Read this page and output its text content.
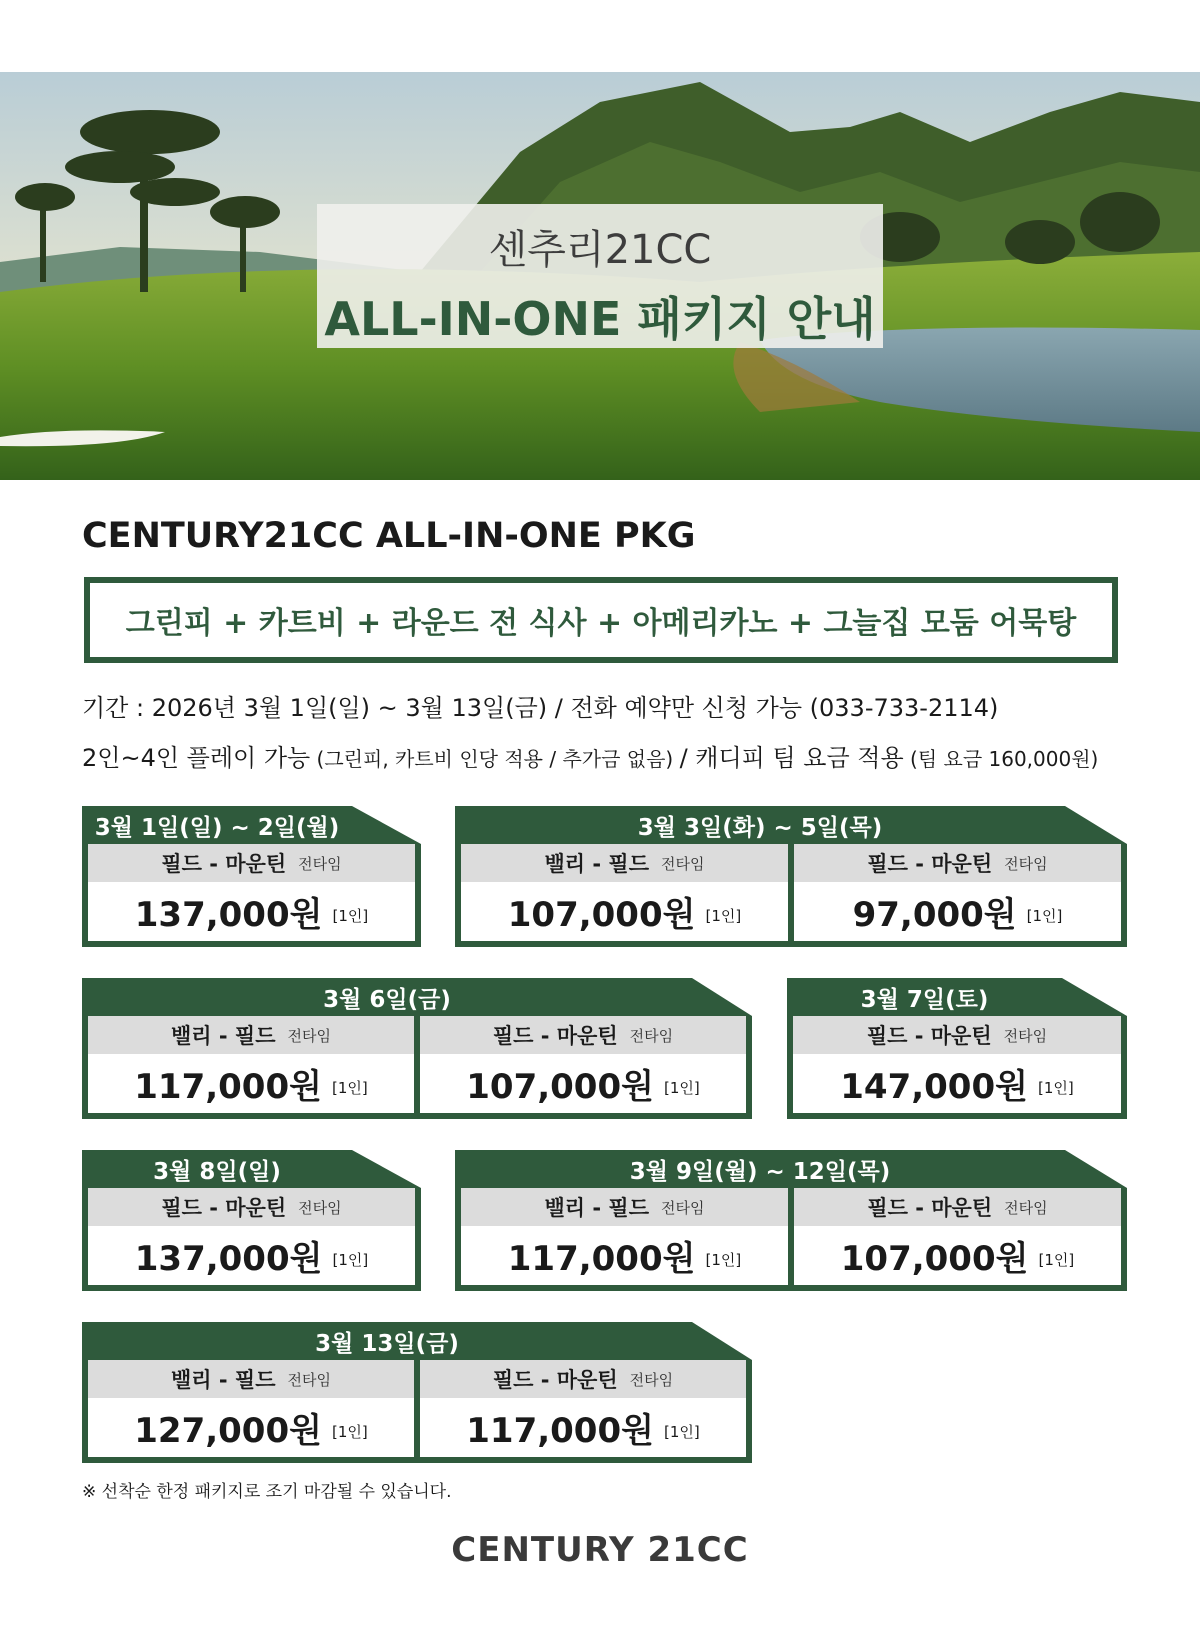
센추리21CC
ALL-IN-ONE 패키지 안내
CENTURY21CC ALL-IN-ONE PKG
그린피 + 카트비 + 라운드 전 식사 + 아메리카노 + 그늘집 모둠 어묵탕
기간 : 2026년 3월 1일(일) ~ 3월 13일(금) / 전화 예약만 신청 가능 (033-733-2114)
2인~4인 플레이 가능 (그린피, 카트비 인당 적용 / 추가금 없음) / 캐디피 팀 요금 적용 (팀 요금 160,000원)
3월 1일(일) ~ 2일(월)
필드 - 마운틴 전타임
137,000원 [1인]
3월 3일(화) ~ 5일(목)
밸리 - 필드 전타임
107,000원 [1인]
필드 - 마운틴 전타임
97,000원 [1인]
3월 6일(금)
밸리 - 필드 전타임
117,000원 [1인]
필드 - 마운틴 전타임
107,000원 [1인]
3월 7일(토)
필드 - 마운틴 전타임
147,000원 [1인]
3월 8일(일)
필드 - 마운틴 전타임
137,000원 [1인]
3월 9일(월) ~ 12일(목)
밸리 - 필드 전타임
117,000원 [1인]
필드 - 마운틴 전타임
107,000원 [1인]
3월 13일(금)
밸리 - 필드 전타임
127,000원 [1인]
필드 - 마운틴 전타임
117,000원 [1인]
※ 선착순 한정 패키지로 조기 마감될 수 있습니다.
CENTURY 21CC
